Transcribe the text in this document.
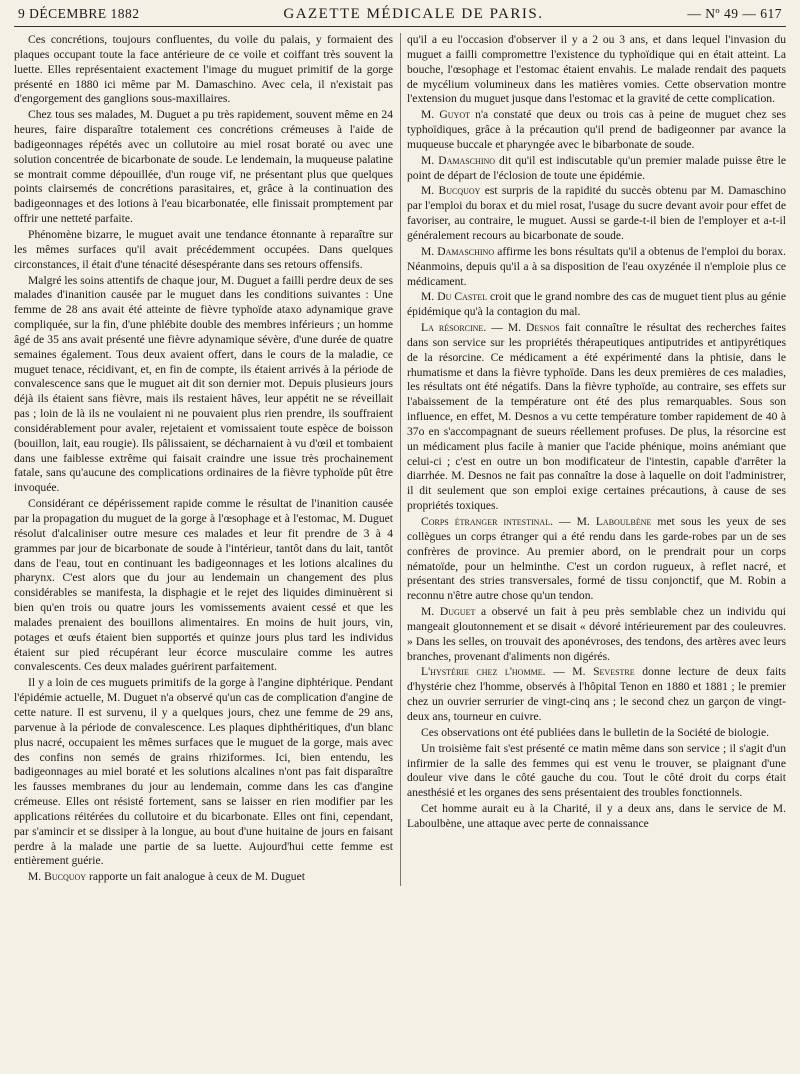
9 DÉCEMBRE 1882	GAZETTE MÉDICALE DE PARIS.	— Nº 49 — 617

Ces concrétions, toujours confluentes, du voile du palais, y formaient des plaques occupant toute la face antérieure de ce voile et coiffant très souvent la luette. Elles représentaient exactement l'image du muguet primitif de la gorge présenté en 1880 ici même par M. Damaschino. Avec cela, il n'existait pas d'engorgement des ganglions sous-maxillaires.

Chez tous ses malades, M. Duguet a pu très rapidement, souvent même en 24 heures, faire disparaître totalement ces concrétions crémeuses à l'aide de badigeonnages répétés avec un collutoire au miel rosat boraté ou avec une solution concentrée de bicarbonate de soude. Le lendemain, la muqueuse palatine se montrait comme dépouillée, d'un rouge vif, ne présentant plus que quelques points clairsemés de concrétions parasitaires, et, grâce à la continuation des badigeonnages et des lotions à l'eau bicarbonatée, elle finissait promptement par offrir une netteté parfaite.

Phénomène bizarre, le muguet avait une tendance étonnante à reparaître sur les mêmes surfaces qu'il avait précédemment occupées. Dans quelques circonstances, il était d'une ténacité désespérante dans ses retours offensifs.

Malgré les soins attentifs de chaque jour, M. Duguet a failli perdre deux de ses malades d'inanition causée par le muguet dans les conditions suivantes : Une femme de 28 ans avait été atteinte de fièvre typhoïde ataxo adynamique grave compliquée, sur la fin, d'une phlébite double des membres inférieurs ; un homme âgé de 35 ans avait présenté une fièvre adynamique sévère, d'une durée de quatre semaines également. Tous deux avaient offert, dans le cours de la maladie, ce muguet tenace, récidivant, et, en fin de compte, ils étaient arrivés à la période de convalescence sans que le muguet ait dit son dernier mot. Depuis plusieurs jours déjà ils étaient sans fièvre, mais ils restaient hâves, leur appétit ne se réveillait pas ; loin de là ils ne voulaient ni ne pouvaient plus rien prendre, ils souffraient considérablement pour avaler, rejetaient et vomissaient toute espèce de boisson (bouillon, lait, eau rougie). Ils pâlissaient, se décharnaient à vu d'œil et tombaient dans une faiblesse extrême qui faisait craindre une issue très prochainement fatale, sans qu'aucune des complications ordinaires de la fièvre typhoïde pût être invoquée.

Considérant ce dépérissement rapide comme le résultat de l'inanition causée par la propagation du muguet de la gorge à l'œsophage et à l'estomac, M. Duguet résolut d'alcaliniser outre mesure ces malades et leur fit prendre de 3 à 4 grammes par jour de bicarbonate de soude à l'intérieur, tantôt dans du lait, tantôt dans de l'eau, tout en continuant les badigeonnages et les lotions alcalines du pharynx. C'est alors que du jour au lendemain un changement des plus considérables se manifesta, la disphagie et le rejet des liquides diminuèrent si bien qu'en trois ou quatre jours les vomissements avaient cessé et que les malades prenaient des bouillons alimentaires. En moins de huit jours, vin, potages et œufs étaient bien supportés et quinze jours plus tard les individus étaient sur pied récupérant leur écorce musculaire comme les autres convalescents. Ces deux malades guérirent parfaitement.

Il y a loin de ces muguets primitifs de la gorge à l'angine diphtérique. Pendant l'épidémie actuelle, M. Duguet n'a observé qu'un cas de complication d'angine de cette nature. Il est survenu, il y a quelques jours, chez une femme de 29 ans, parvenue à la période de convalescence. Les plaques diphthéritiques, d'un blanc plus nacré, occupaient les mêmes surfaces que le muguet de la gorge, mais avec des confins non semés de grains rhiziformes. Ici, bien entendu, les badigeonnages au miel boraté et les solutions alcalines n'ont pas fait disparaître les fausses membranes du jour au lendemain, comme dans les cas d'angine crémeuse. Elles ont résisté fortement, sans se laisser en rien modifier par les applications réitérées du collutoire et du bicarbonate. Elles ont fini, cependant, par s'amincir et se dissiper à la longue, au bout d'une huitaine de jours en faisant perdre à la malade une partie de sa luette. Aujourd'hui cette femme est entièrement guérie.

M. Bucquoy rapporte un fait analogue à ceux de M. Duguet

qu'il a eu l'occasion d'observer il y a 2 ou 3 ans, et dans lequel l'invasion du muguet a failli compromettre l'existence du typhoïdique qui en était atteint. La bouche, l'œsophage et l'estomac étaient envahis. Le malade rendait des paquets de mycélium volumineux dans les matières vomies. Cette observation montre l'extension du muguet jusque dans l'estomac et la gravité de cette complication.

M. Guyot n'a constaté que deux ou trois cas à peine de muguet chez ses typhoïdiques, grâce à la précaution qu'il prend de badigeonner par avance la muqueuse buccale et pharyngée avec le bibarbonate de soude.

M. Damaschino dit qu'il est indiscutable qu'un premier malade puisse être le point de départ de l'éclosion de toute une épidémie.

M. Bucquoy est surpris de la rapidité du succès obtenu par M. Damaschino par l'emploi du borax et du miel rosat, l'usage du sucre devant avoir pour effet de favoriser, au contraire, le muguet. Aussi se garde-t-il bien de l'employer et a-t-il généralement recours au bicarbonate de soude.

M. Damaschino affirme les bons résultats qu'il a obtenus de l'emploi du borax. Néanmoins, depuis qu'il a à sa disposition de l'eau oxyzénée il n'emploie plus ce médicament.

M. Du Castel croit que le grand nombre des cas de muguet tient plus au génie épidémique qu'à la contagion du mal.

La résorcine. — M. Desnos fait connaître le résultat des recherches faites dans son service sur les propriétés thérapeutiques antiputrides et antipyrétiques de la résorcine. Ce médicament a été expérimenté dans la phtisie, dans le rhumatisme et dans la fièvre typhoïde. Dans les deux premières de ces maladies, les résultats ont été négatifs. Dans la fièvre typhoïde, au contraire, ses effets sur l'abaissement de la température ont été des plus remarquables. Sous son influence, en effet, M. Desnos a vu cette température tomber rapidement de 40 à 37o en s'accompagnant de sueurs réellement profuses. De plus, la résorcine est un médicament plus facile à manier que l'acide phénique, moins anémiant que celui-ci ; c'est en outre un bon modificateur de l'intestin, capable d'arrêter la diarrhée. M. Desnos ne fait pas connaître la dose à laquelle on doit l'administrer, il dit seulement que son emploi exige certaines précautions, à cause de ses propriétés toxiques.

Corps étranger intestinal. — M. Laboulbène met sous les yeux de ses collègues un corps étranger qui a été rendu dans les garde-robes par un de ses confrères de province. Au premier abord, on le prendrait pour un corps nématoïde, pour un helminthe. C'est un cordon rugueux, à reflet nacré, et présentant des stries transversales, formé de tissu conjonctif, que M. Robin a reconnu n'être autre chose qu'un tendon.

M. Duguet a observé un fait à peu près semblable chez un individu qui mangeait gloutonnement et se disait « dévoré intérieurement par des couleuvres. » Dans les selles, on trouvait des aponévroses, des tendons, des artères avec leurs branches, provenant d'aliments non digérés.

L'hystérie chez l'homme. — M. Sevestre donne lecture de deux faits d'hystérie chez l'homme, observés à l'hôpital Tenon en 1880 et 1881 ; le premier chez un ouvrier serrurier de vingt-cinq ans ; le second chez un garçon de vingt-deux ans, tourneur en cuivre.

Ces observations ont été publiées dans le bulletin de la Société de biologie.

Un troisième fait s'est présenté ce matin même dans son service ; il s'agit d'un infirmier de la salle des femmes qui est venu le trouver, se plaignant d'une douleur vive dans le côté gauche du cou. Tout le côté droit du corps était anesthésié et les organes des sens présentaient des troubles fonctionnels.

Cet homme aurait eu à la Charité, il y a deux ans, dans le service de M. Laboulbène, une attaque avec perte de connaissance
